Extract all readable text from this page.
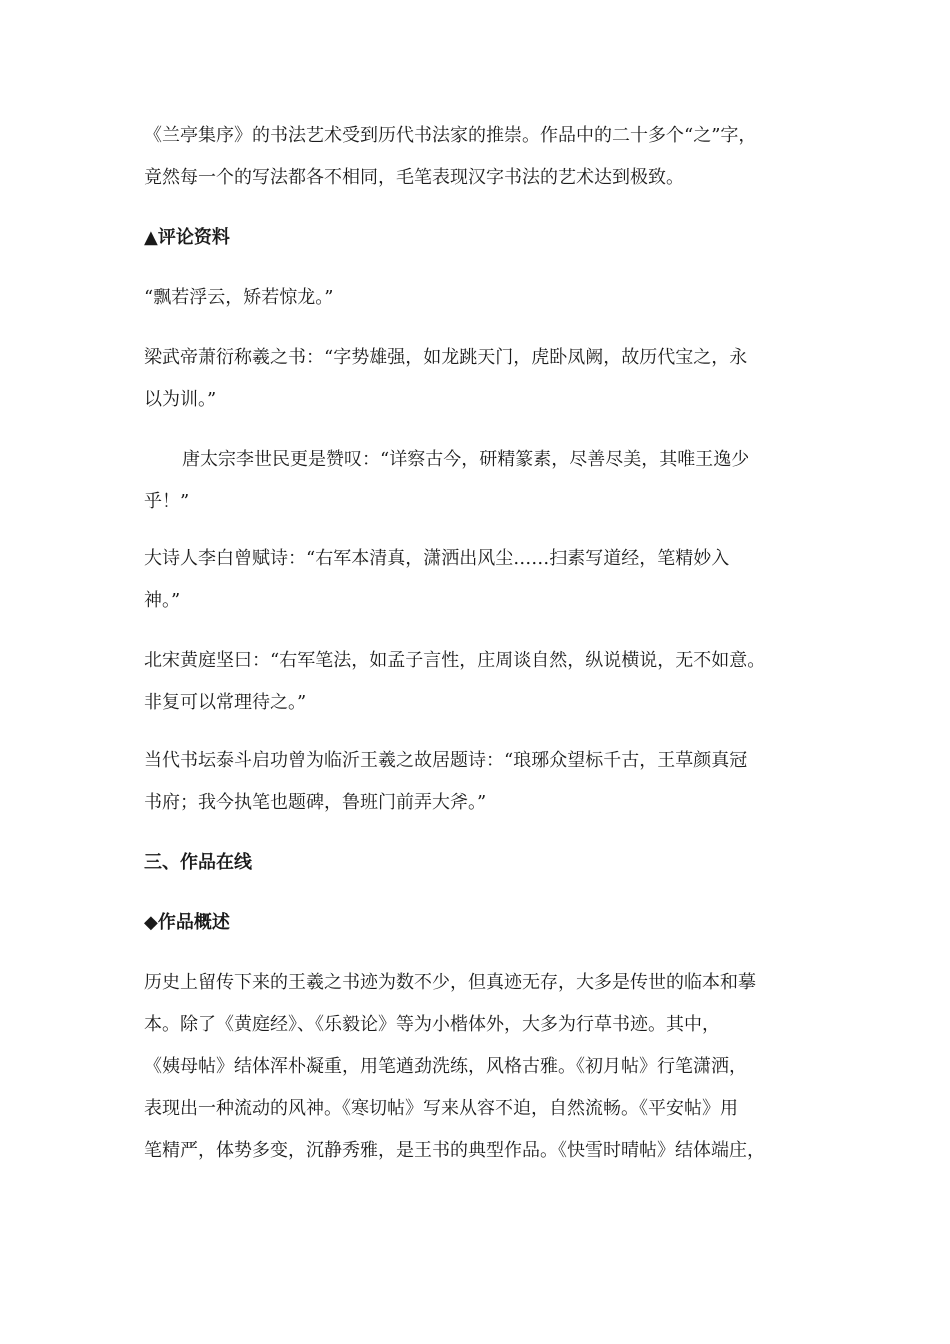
《兰亭集序》的书法艺术受到历代书法家的推崇。作品中的二十多个“之”字，
竟然每一个的写法都各不相同，毛笔表现汉字书法的艺术达到极致。
▲评论资料
“飘若浮云，矫若惊龙。”
梁武帝萧衍称羲之书：“字势雄强，如龙跳天门，虎卧凤阙，故历代宝之，永
以为训。”
唐太宗李世民更是赞叹：“详察古今，研精篆素，尽善尽美，其唯王逸少
乎！”
大诗人李白曾赋诗：“右军本清真，潇洒出风尘……扫素写道经，笔精妙入
神。”
北宋黄庭坚曰：“右军笔法，如孟子言性，庄周谈自然，纵说横说，无不如意。
非复可以常理待之。”
当代书坛泰斗启功曾为临沂王羲之故居题诗：“琅琊众望标千古，王草颜真冠
书府；我今执笔也题碑，鲁班门前弄大斧。”
三、作品在线
◆作品概述
历史上留传下来的王羲之书迹为数不少，但真迹无存，大多是传世的临本和摹
本。除了《黄庭经》、《乐毅论》等为小楷体外，大多为行草书迹。其中，
《姨母帖》结体浑朴凝重，用笔遒劲洗练，风格古雅。《初月帖》行笔潇洒，
表现出一种流动的风神。《寒切帖》写来从容不迫，自然流畅。《平安帖》用
笔精严，体势多变，沉静秀雅，是王书的典型作品。《快雪时晴帖》结体端庄，
